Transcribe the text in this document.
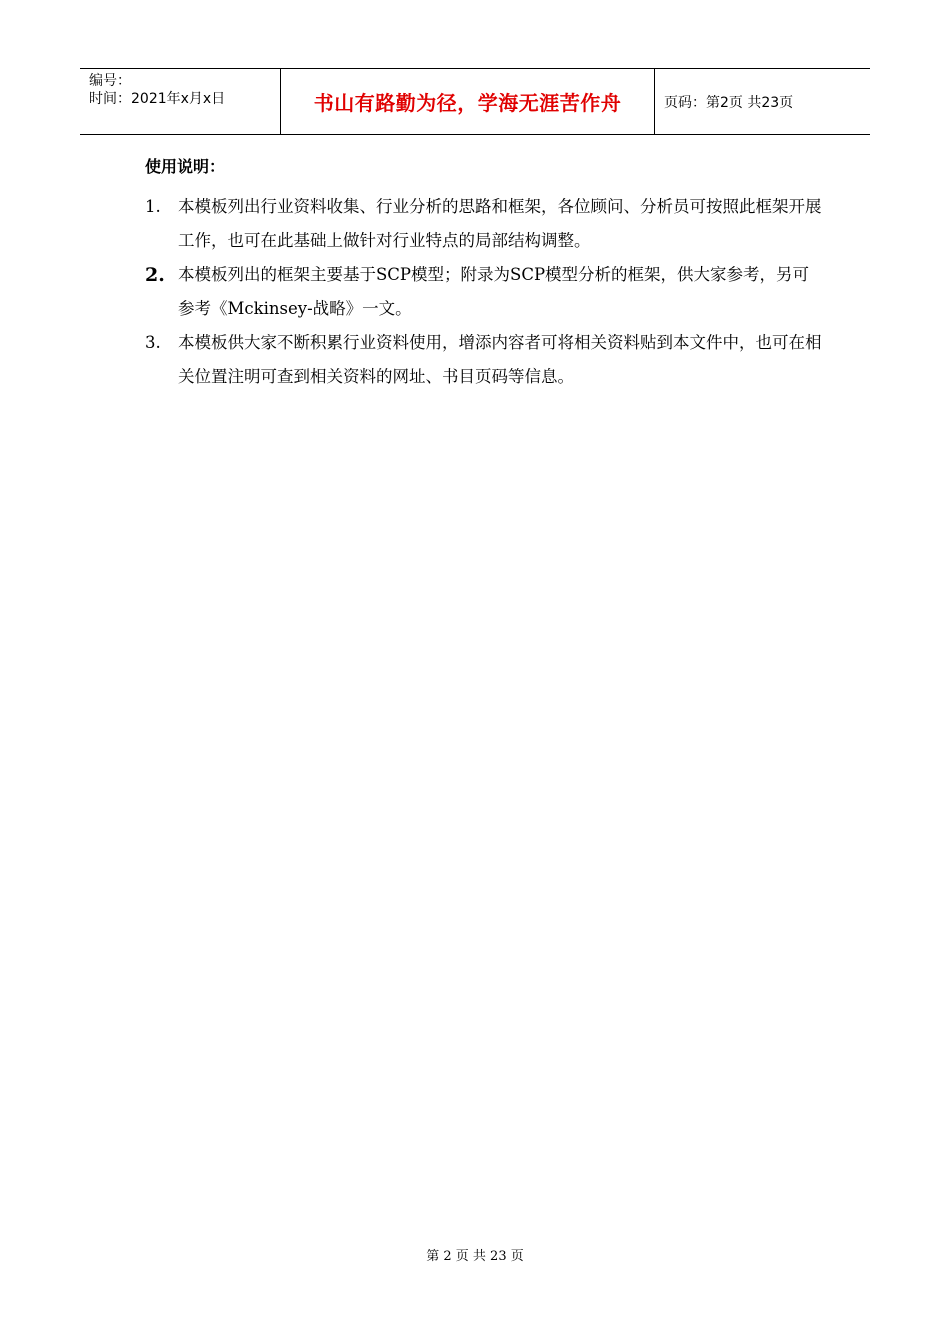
编号：
时间：2021年x月x日	书山有路勤为径，学海无涯苦作舟	页码：第2页 共23页
使用说明：
1.	本模板列出行业资料收集、行业分析的思路和框架，各位顾问、分析员可按照此框架开展工作，也可在此基础上做针对行业特点的局部结构调整。
2. 本模板列出的框架主要基于SCP模型；附录为SCP模型分析的框架，供大家参考，另可参考《Mckinsey-战略》一文。
3.	本模板供大家不断积累行业资料使用，增添内容者可将相关资料贴到本文件中，也可在相关位置注明可查到相关资料的网址、书目页码等信息。
第 2 页 共 23 页
